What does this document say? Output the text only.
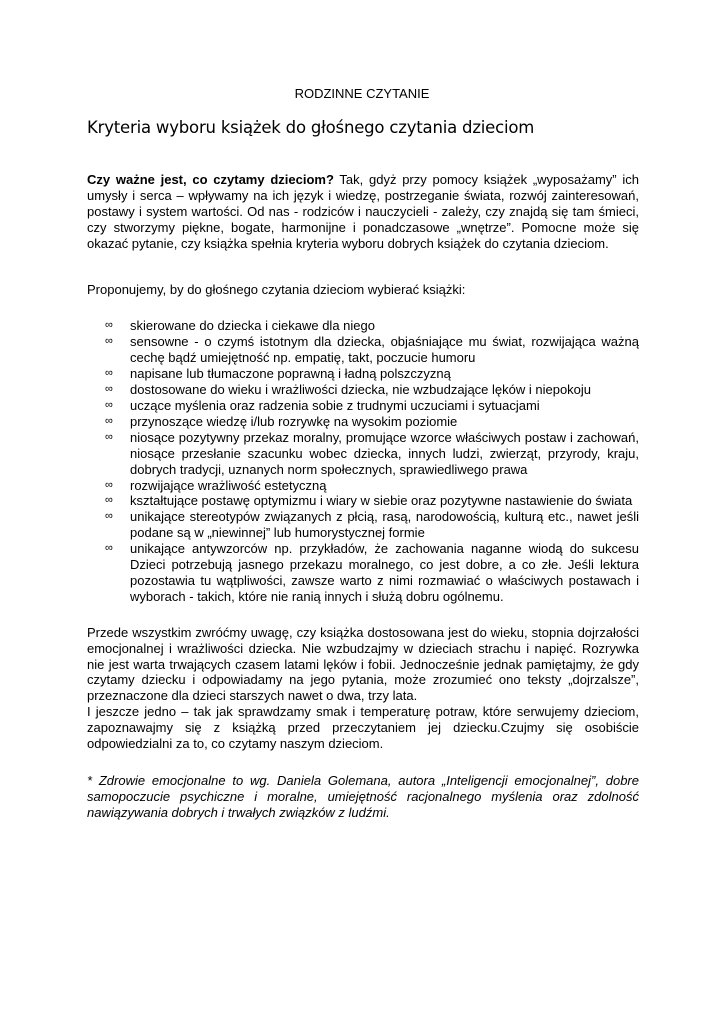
RODZINNE CZYTANIE
Kryteria wyboru książek do głośnego czytania dzieciom

Czy ważne jest, co czytamy dzieciom? Tak, gdyż przy pomocy książek „wyposażamy” ich umysły i serca – wpływamy na ich język i wiedzę, postrzeganie świata, rozwój zainteresowań, postawy i system wartości. Od nas - rodziców i nauczycieli - zależy, czy znajdą się tam śmieci, czy stworzymy piękne, bogate, harmonijne i ponadczasowe „wnętrze”. Pomocne może się okazać pytanie, czy książka spełnia kryteria wyboru dobrych książek do czytania dzieciom.

Proponujemy, by do głośnego czytania dzieciom wybierać książki:

∞ skierowane do dziecka i ciekawe dla niego
∞ sensowne - o czymś istotnym dla dziecka, objaśniające mu świat, rozwijająca ważną cechę bądź umiejętność np. empatię, takt, poczucie humoru
∞ napisane lub tłumaczone poprawną i ładną polszczyzną
∞ dostosowane do wieku i wrażliwości dziecka, nie wzbudzające lęków i niepokoju
∞ uczące myślenia oraz radzenia sobie z trudnymi uczuciami i sytuacjami
∞ przynoszące wiedzę i/lub rozrywkę na wysokim poziomie
∞ niosące pozytywny przekaz moralny, promujące wzorce właściwych postaw i zachowań, niosące przesłanie szacunku wobec dziecka, innych ludzi, zwierząt, przyrody, kraju, dobrych tradycji, uznanych norm społecznych, sprawiedliwego prawa
∞ rozwijające wrażliwość estetyczną
∞ kształtujące postawę optymizmu i wiary w siebie oraz pozytywne nastawienie do świata
∞ unikające stereotypów związanych z płcią, rasą, narodowością, kulturą etc., nawet jeśli podane są w „niewinnej” lub humorystycznej formie
∞ unikające antywzorców np. przykładów, że zachowania naganne wiodą do sukcesu Dzieci potrzebują jasnego przekazu moralnego, co jest dobre, a co złe. Jeśli lektura pozostawia tu wątpliwości, zawsze warto z nimi rozmawiać o właściwych postawach i wyborach - takich, które nie ranią innych i służą dobru ogólnemu.

Przede wszystkim zwróćmy uwagę, czy książka dostosowana jest do wieku, stopnia dojrzałości emocjonalnej i wrażliwości dziecka. Nie wzbudzajmy w dzieciach strachu i napięć. Rozrywka nie jest warta trwających czasem latami lęków i fobii. Jednocześnie jednak pamiętajmy, że gdy czytamy dziecku i odpowiadamy na jego pytania, może zrozumieć ono teksty „dojrzalsze”, przeznaczone dla dzieci starszych nawet o dwa, trzy lata.

I jeszcze jedno – tak jak sprawdzamy smak i temperaturę potraw, które serwujemy dzieciom, zapoznawajmy się z książką przed przeczytaniem jej dziecku.Czujmy się osobiście odpowiedzialni za to, co czytamy naszym dzieciom.

* Zdrowie emocjonalne to wg. Daniela Golemana, autora „Inteligencji emocjonalnej”, dobre samopoczucie psychiczne i moralne, umiejętność racjonalnego myślenia oraz zdolność nawiązywania dobrych i trwałych związków z ludźmi.
